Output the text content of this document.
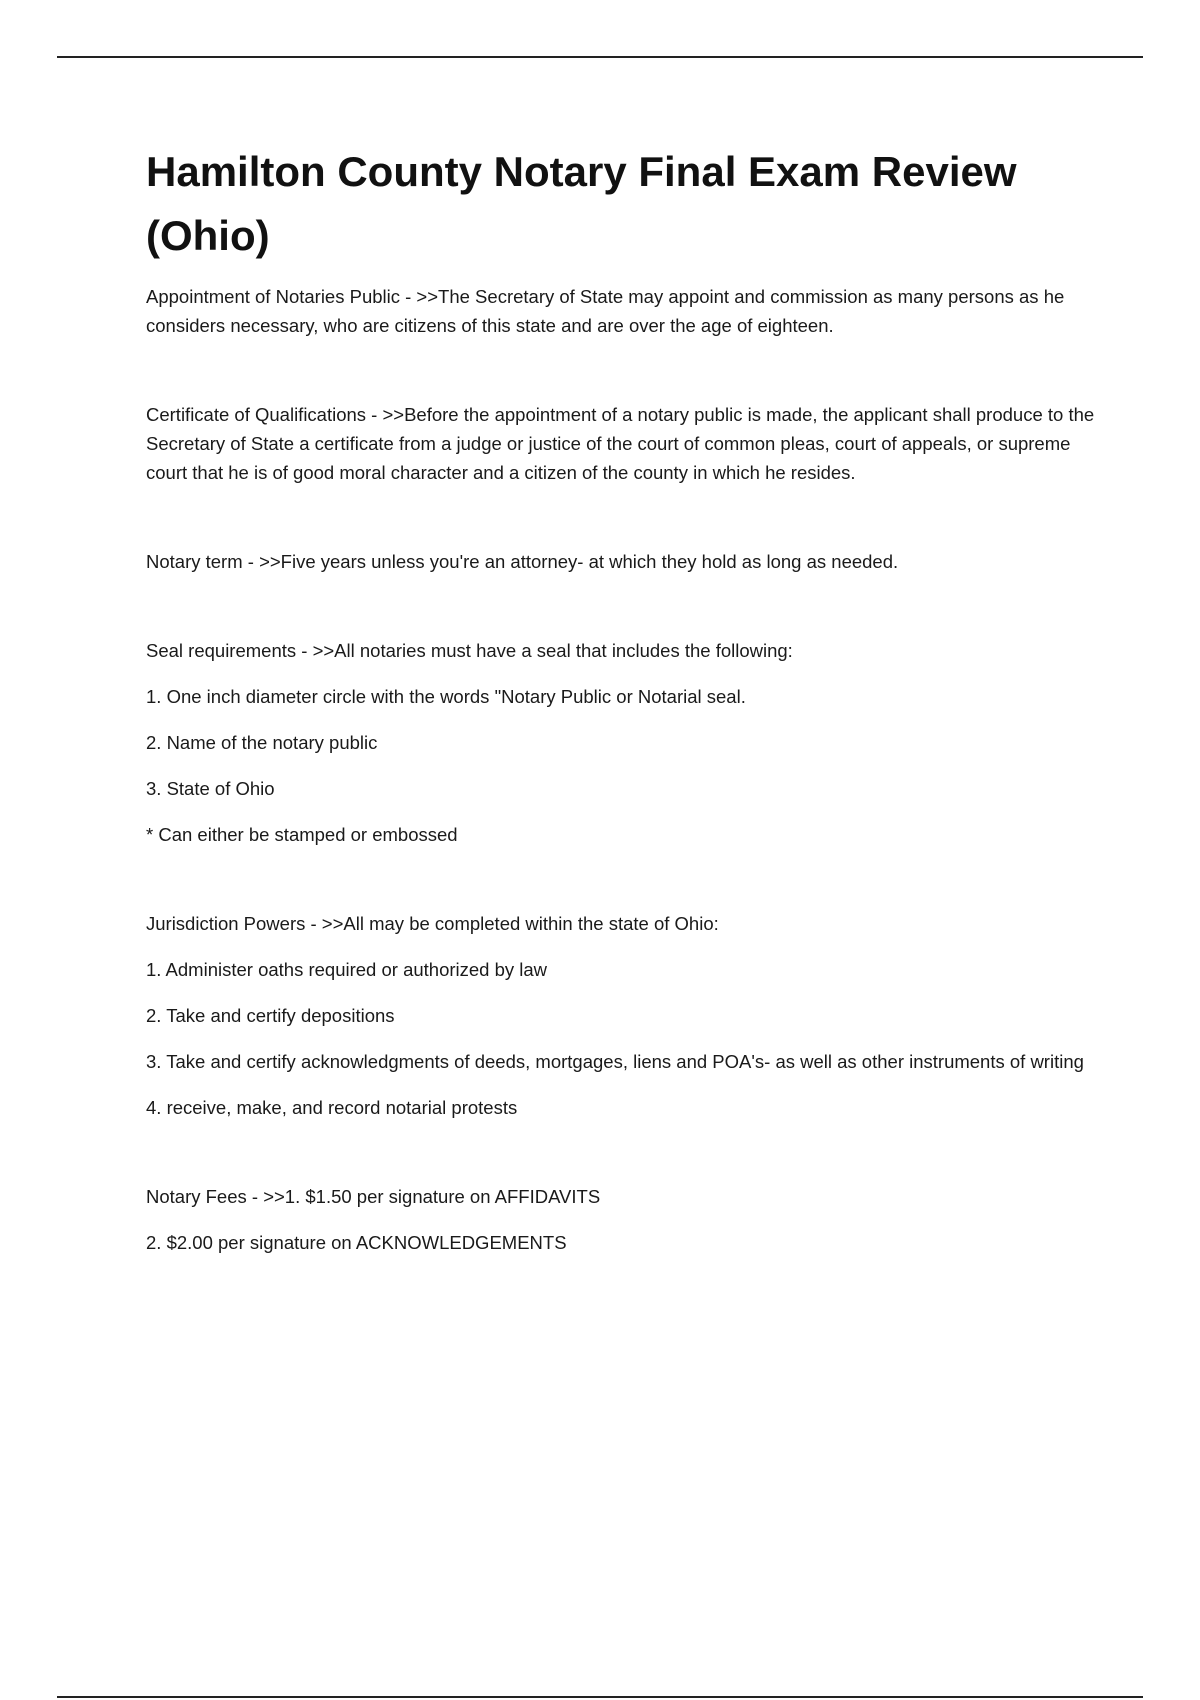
Hamilton County Notary Final Exam Review
(Ohio)

Appointment of Notaries Public - >>The Secretary of State may appoint and commission as many persons as he considers necessary, who are citizens of this state and are over the age of eighteen.

Certificate of Qualifications - >>Before the appointment of a notary public is made, the applicant shall produce to the Secretary of State a certificate from a judge or justice of the court of common pleas, court of appeals, or supreme court that he is of good moral character and a citizen of the county in which he resides.

Notary term - >>Five years unless you're an attorney- at which they hold as long as needed.

Seal requirements - >>All notaries must have a seal that includes the following:

1. One inch diameter circle with the words "Notary Public or Notarial seal.

2. Name of the notary public

3. State of Ohio

* Can either be stamped or embossed

Jurisdiction Powers - >>All may be completed within the state of Ohio:

1. Administer oaths required or authorized by law

2. Take and certify depositions

3. Take and certify acknowledgments of deeds, mortgages, liens and POA's- as well as other instruments of writing

4. receive, make, and record notarial protests

Notary Fees - >>1. $1.50 per signature on AFFIDAVITS

2. $2.00 per signature on ACKNOWLEDGEMENTS
